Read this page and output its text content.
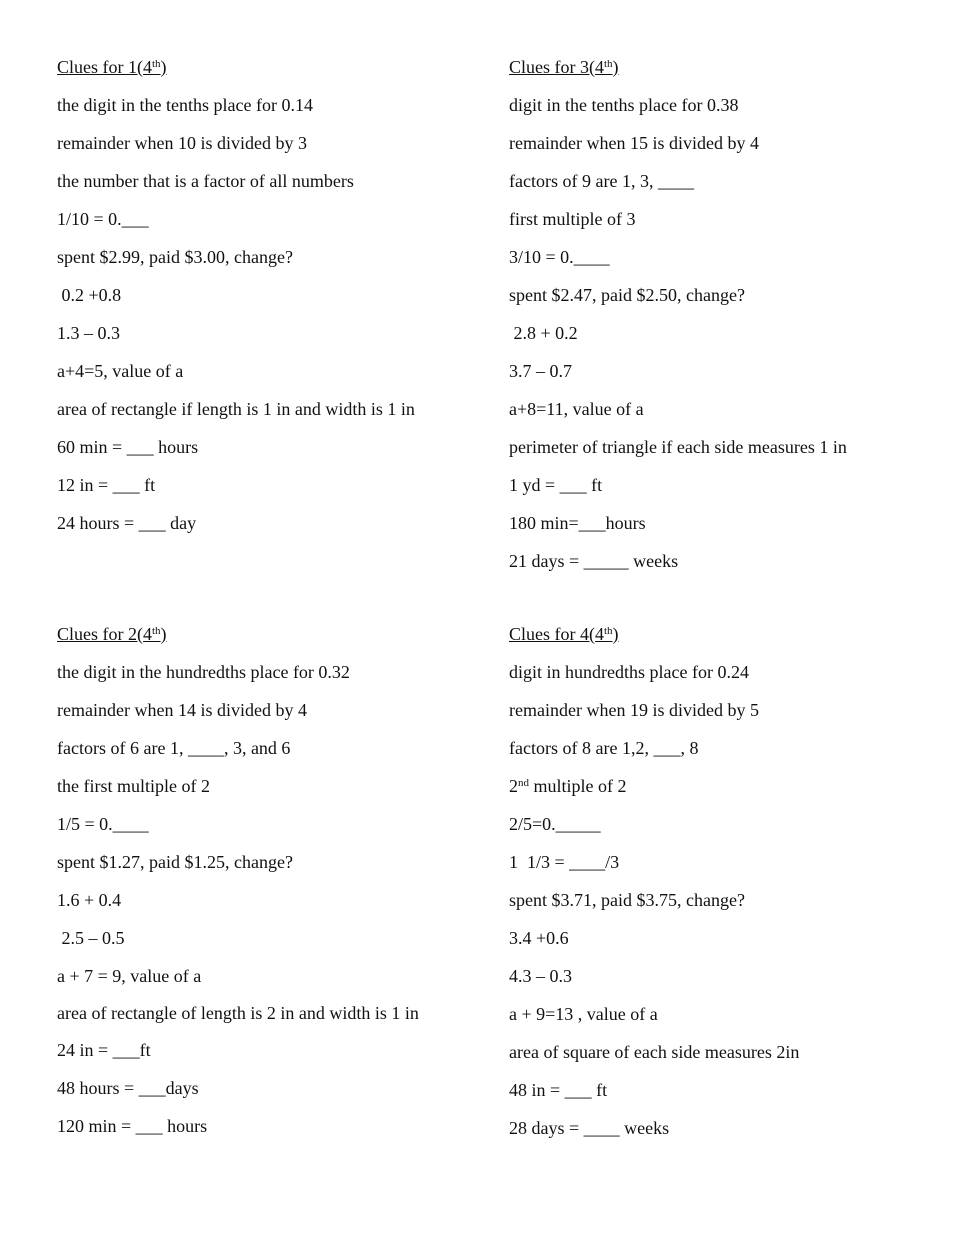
Clues for 1(4th)
the digit in the tenths place for 0.14
remainder when 10 is divided by 3
the number that is a factor of all numbers
1/10 = 0.___
spent $2.99, paid $3.00, change?
0.2 +0.8
1.3 – 0.3
a+4=5, value of a
area of rectangle if length is 1 in and width is 1 in
60 min = ___ hours
12 in = ___ ft
24 hours = ___ day
Clues for 3(4th)
digit in the tenths place for 0.38
remainder when 15 is divided by 4
factors of 9 are 1, 3, ____
first multiple of 3
3/10 = 0.____
spent $2.47, paid $2.50, change?
2.8 + 0.2
3.7 – 0.7
a+8=11, value of a
perimeter of triangle if each side measures 1 in
1 yd = ___ ft
180 min=___hours
21 days = _____ weeks
Clues for 2(4th)
the digit in the hundredths place for 0.32
remainder when 14 is divided by 4
factors of 6 are 1, ____, 3, and 6
the first multiple of 2
1/5 = 0.____
spent $1.27, paid $1.25, change?
1.6 + 0.4
2.5 – 0.5
a + 7 = 9, value of a
area of rectangle of length is 2 in and width is 1 in
24 in = ___ft
48 hours = ___days
120 min = ___ hours
Clues for 4(4th)
digit in hundredths place for 0.24
remainder when 19 is divided by 5
factors of 8 are 1,2, ___, 8
2nd multiple of 2
2/5=0._____
1  1/3 = ____/3
spent $3.71, paid $3.75, change?
3.4 +0.6
4.3 – 0.3
a + 9=13 , value of a
area of square of each side measures 2in
48 in = ___ ft
28 days = ____ weeks
